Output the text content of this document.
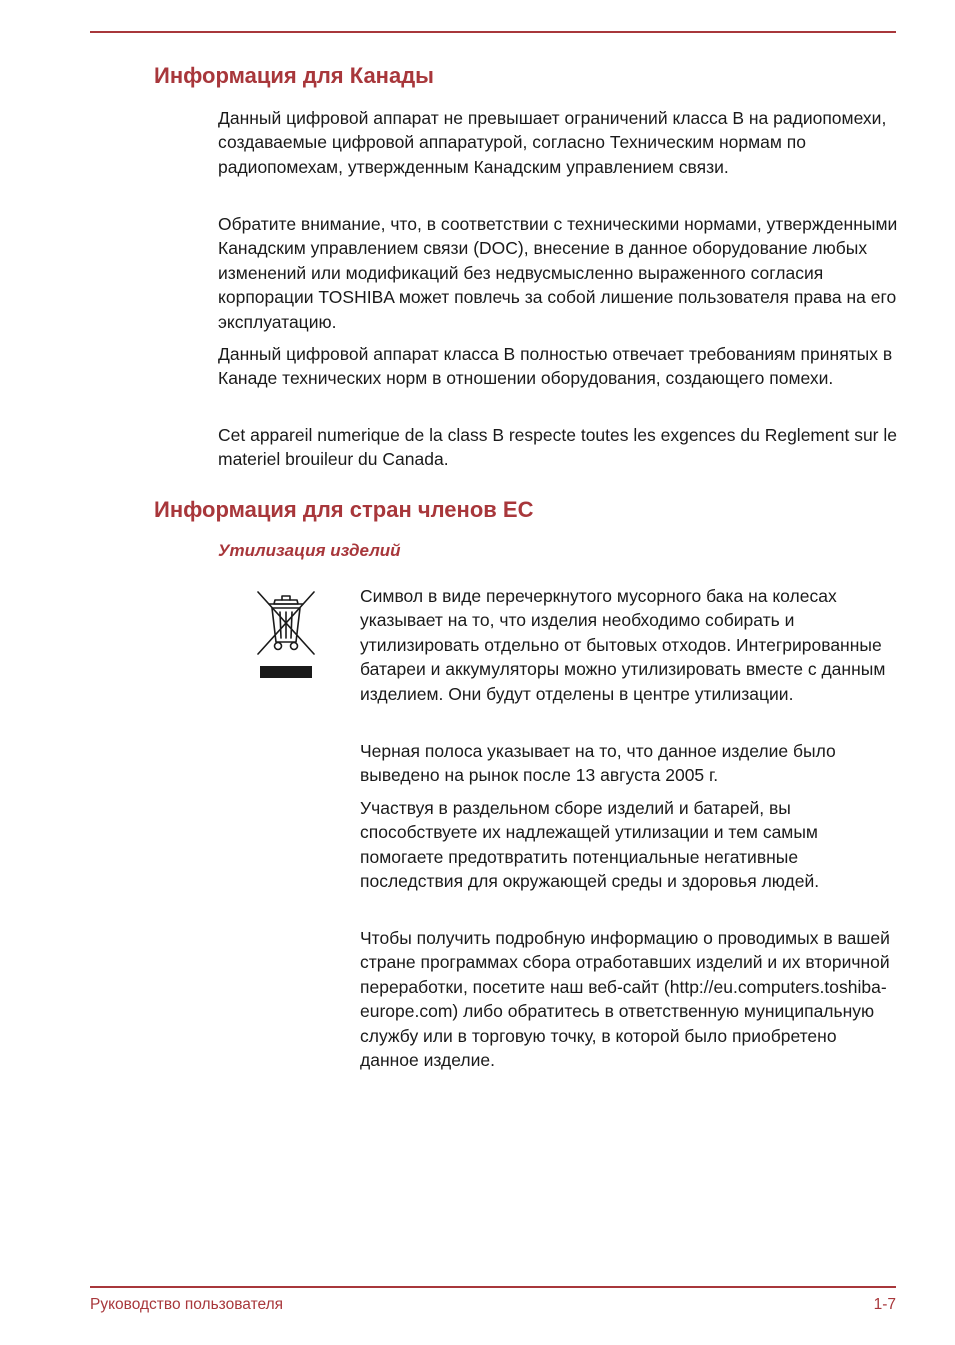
Информация для Канады

Данный цифровой аппарат не превышает ограничений класса B на радиопомехи, создаваемые цифровой аппаратурой, согласно Техническим нормам по радиопомехам, утвержденным Канадским управлением связи.

Обратите внимание, что, в соответствии с техническими нормами, утвержденными Канадским управлением связи (DOC), внесение в данное оборудование любых изменений или модификаций без недвусмысленно выраженного согласия корпорации TOSHIBA может повлечь за собой лишение пользователя права на его эксплуатацию.

Данный цифровой аппарат класса B полностью отвечает требованиям принятых в Канаде технических норм в отношении оборудования, создающего помехи.

Cet appareil numerique de la class B respecte toutes les exgences du Reglement sur le materiel brouileur du Canada.

Информация для стран членов ЕС
Утилизация изделий

Символ в виде перечеркнутого мусорного бака на колесах указывает на то, что изделия необходимо собирать и утилизировать отдельно от бытовых отходов. Интегрированные батареи и аккумуляторы можно утилизировать вместе с данным изделием. Они будут отделены в центре утилизации.

Черная полоса указывает на то, что данное изделие было выведено на рынок после 13 августа 2005 г.

Участвуя в раздельном сборе изделий и батарей, вы способствуете их надлежащей утилизации и тем самым помогаете предотвратить потенциальные негативные последствия для окружающей среды и здоровья людей.

Чтобы получить подробную информацию о проводимых в вашей стране программах сбора отработавших изделий и их вторичной переработки, посетите наш веб-сайт (http://eu.computers.toshiba-europe.com) либо обратитесь в ответственную муниципальную службу или в торговую точку, в которой было приобретено данное изделие.

Руководство пользователя	1-7
